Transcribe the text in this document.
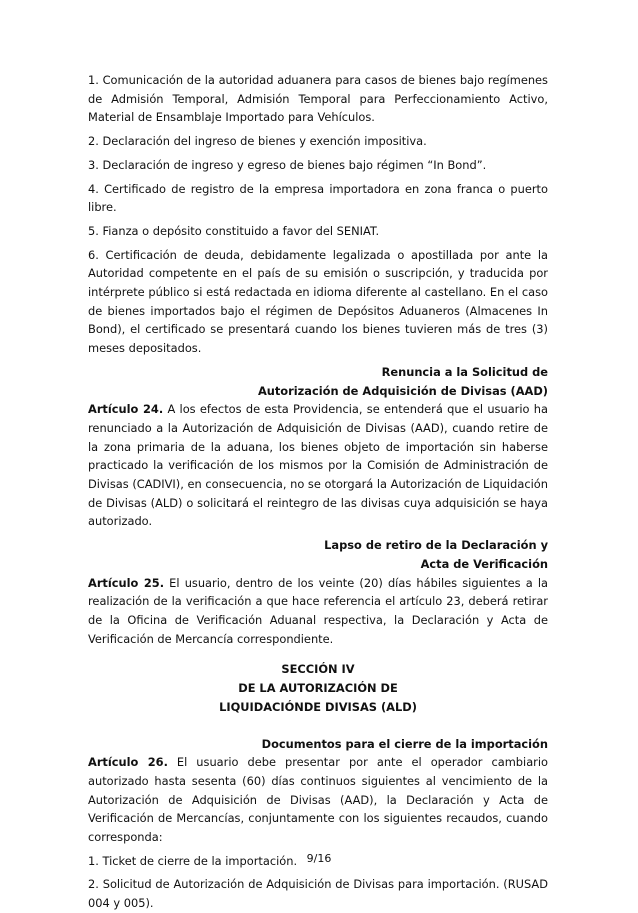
1. Comunicación de la autoridad aduanera para casos de bienes bajo regímenes de Admisión Temporal, Admisión Temporal para Perfeccionamiento Activo, Material de Ensamblaje Importado para Vehículos.

2. Declaración del ingreso de bienes y exención impositiva.

3. Declaración de ingreso y egreso de bienes bajo régimen “In Bond”.

4. Certificado de registro de la empresa importadora en zona franca o puerto libre.

5. Fianza o depósito constituido a favor del SENIAT.

6. Certificación de deuda, debidamente legalizada o apostillada por ante la Autoridad competente en el país de su emisión o suscripción, y traducida por intérprete público si está redactada en idioma diferente al castellano. En el caso de bienes importados bajo el régimen de Depósitos Aduaneros (Almacenes In Bond), el certificado se presentará cuando los bienes tuvieren más de tres (3) meses depositados.

Renuncia a la Solicitud de

Autorización de Adquisición de Divisas (AAD)

Artículo 24. A los efectos de esta Providencia, se entenderá que el usuario ha renunciado a la Autorización de Adquisición de Divisas (AAD), cuando retire de la zona primaria de la aduana, los bienes objeto de importación sin haberse practicado la verificación de los mismos por la Comisión de Administración de Divisas (CADIVI), en consecuencia, no se otorgará la Autorización de Liquidación de Divisas (ALD) o solicitará el reintegro de las divisas cuya adquisición se haya autorizado.

Lapso de retiro de la Declaración y

Acta de Verificación

Artículo 25. El usuario, dentro de los veinte (20) días hábiles siguientes a la realización de la verificación a que hace referencia el artículo 23, deberá retirar de la Oficina de Verificación Aduanal respectiva, la Declaración y Acta de Verificación de Mercancía correspondiente.

SECCIÓN IV

DE LA AUTORIZACIÓN DE

LIQUIDACIÓNDE DIVISAS (ALD)

Documentos para el cierre de la importación

Artículo 26. El usuario debe presentar por ante el operador cambiario autorizado hasta sesenta (60) días continuos siguientes al vencimiento de la Autorización de Adquisición de Divisas (AAD), la Declaración y Acta de Verificación de Mercancías, conjuntamente con los siguientes recaudos, cuando corresponda:

1. Ticket de cierre de la importación.

2. Solicitud de Autorización de Adquisición de Divisas para importación. (RUSAD 004 y 005).

9/16
